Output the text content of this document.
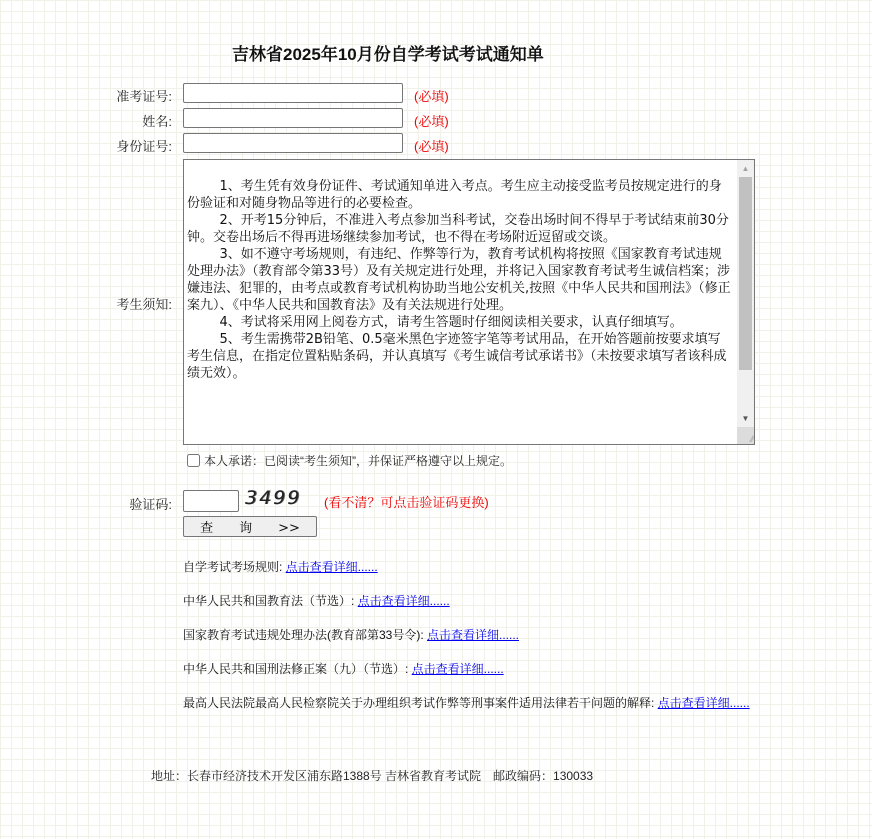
吉林省2025年10月份自学考试考试通知单
准考证号:	(必填)
姓名:	(必填)
身份证号:	(必填)
考生须知:

1、考生凭有效身份证件、考试通知单进入考点。考生应主动接受监考员按规定进行的身份验证和对随身物品等进行的必要检查。

2、开考15分钟后，不准进入考点参加当科考试，交卷出场时间不得早于考试结束前30分钟。交卷出场后不得再进场继续参加考试，也不得在考场附近逗留或交谈。

3、如不遵守考场规则，有违纪、作弊等行为，教育考试机构将按照《国家教育考试违规处理办法》（教育部令第33号）及有关规定进行处理，并将记入国家教育考试考生诚信档案；涉嫌违法、犯罪的，由考点或教育考试机构协助当地公安机关,按照《中华人民共和国刑法》（修正案九）、《中华人民共和国教育法》及有关法规进行处理。

4、考试将采用网上阅卷方式，请考生答题时仔细阅读相关要求，认真仔细填写。

5、考生需携带2B铅笔、0.5毫米黑色字迹签字笔等考试用品，在开始答题前按要求填写考生信息，在指定位置粘贴条码，并认真填写《考生诚信考试承诺书》（未按要求填写者该科成绩无效）。

▲
▼
⁄⁄
本人承诺：已阅读“考生须知”，并保证严格遵守以上规定。
验证码:	3499	(看不清？可点击验证码更换)
查　　询　　>>
自学考试考场规则: 点击查看详细......
中华人民共和国教育法（节选）: 点击查看详细......
国家教育考试违规处理办法(教育部第33号令): 点击查看详细......
中华人民共和国刑法修正案（九）（节选）: 点击查看详细......
最高人民法院最高人民检察院关于办理组织考试作弊等刑事案件适用法律若干问题的解释: 点击查看详细......
地址：长春市经济技术开发区浦东路1388号 吉林省教育考试院　邮政编码：130033
